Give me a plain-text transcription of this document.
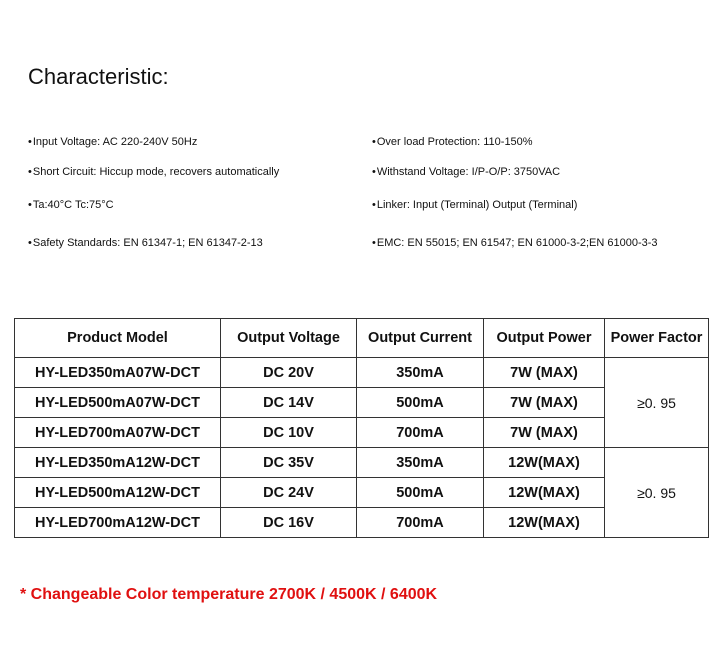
Characteristic:
• Input Voltage: AC 220-240V 50Hz
• Short Circuit: Hiccup mode, recovers automatically
• Ta:40°C Tc:75°C
• Safety Standards: EN 61347-1; EN 61347-2-13
• Over load Protection: 110-150%
• Withstand Voltage: I/P-O/P: 3750VAC
• Linker: Input (Terminal) Output (Terminal)
• EMC: EN 55015; EN 61547; EN 61000-3-2;EN 61000-3-3
Product Model	Output Voltage	Output Current	Output Power	Power Factor
HY-LED350mA07W-DCT	DC 20V	350mA	7W (MAX)	≥0. 95
HY-LED500mA07W-DCT	DC 14V	500mA	7W (MAX)	
HY-LED700mA07W-DCT	DC 10V	700mA	7W (MAX)	
HY-LED350mA12W-DCT	DC 35V	350mA	12W(MAX)	≥0. 95
HY-LED500mA12W-DCT	DC 24V	500mA	12W(MAX)	
HY-LED700mA12W-DCT	DC 16V	700mA	12W(MAX)	
* Changeable Color temperature 2700K / 4500K / 6400K
